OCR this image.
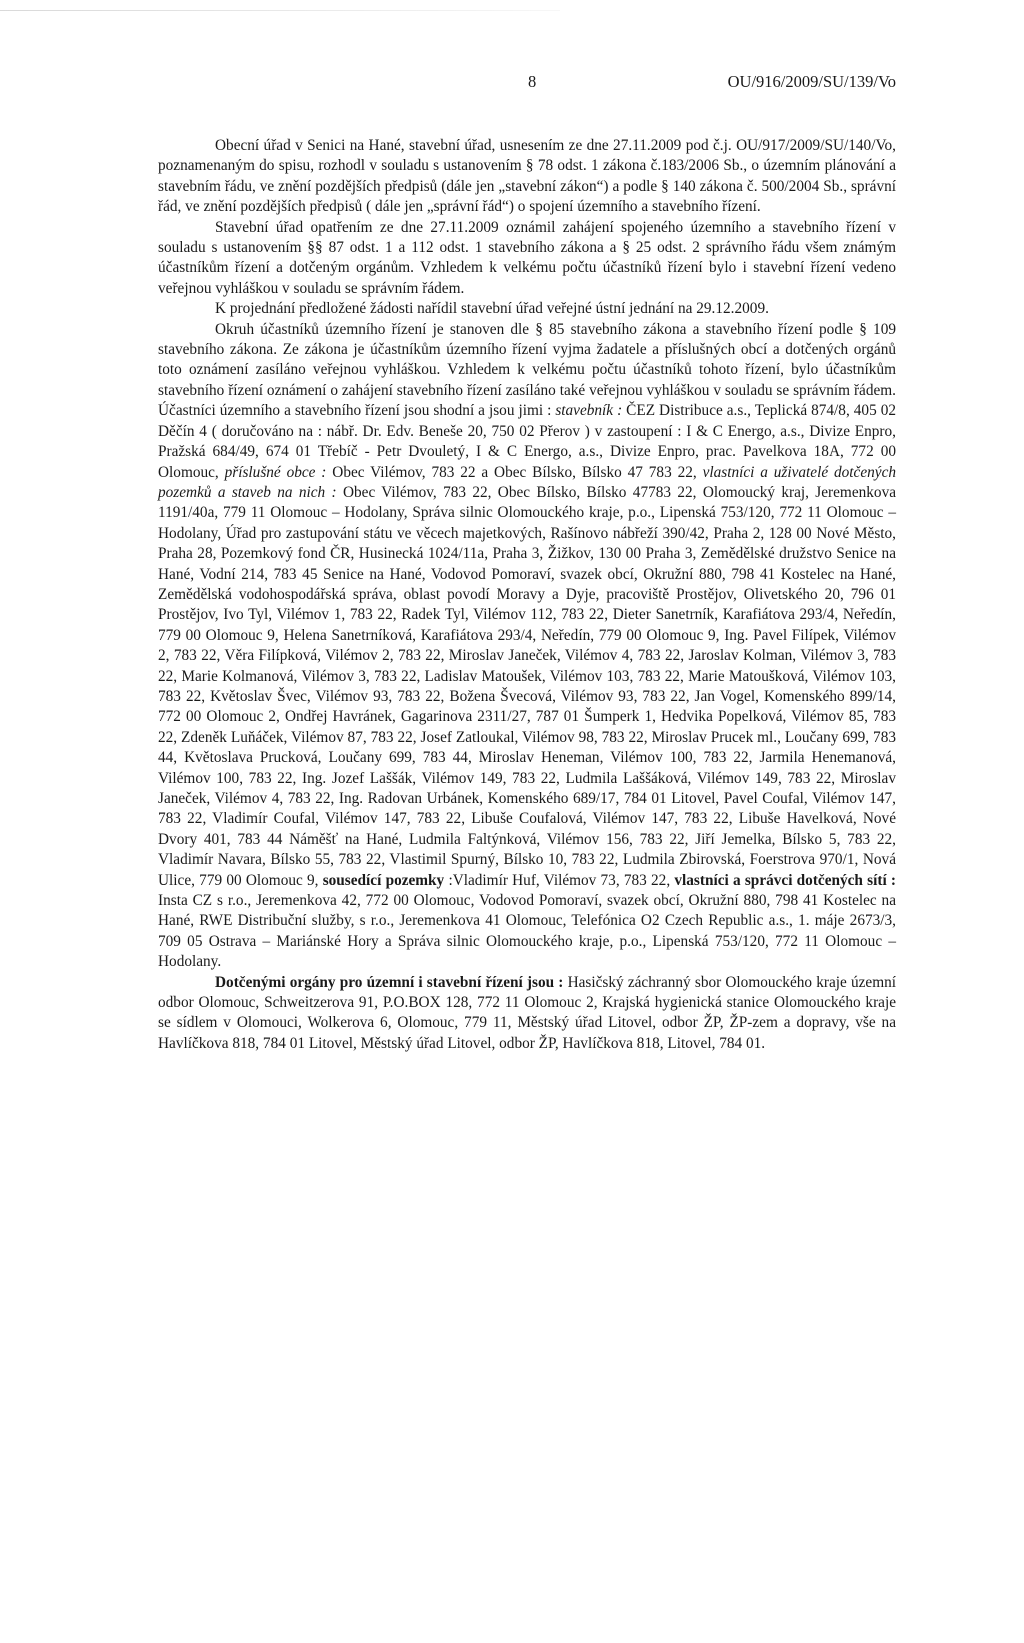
8	OU/916/2009/SU/139/Vo

Obecní úřad v Senici na Hané, stavební úřad, usnesením ze dne 27.11.2009 pod č.j. OU/917/2009/SU/140/Vo, poznamenaným do spisu, rozhodl v souladu s ustanovením § 78 odst. 1 zákona č.183/2006 Sb., o územním plánování a stavebním řádu, ve znění pozdějších předpisů (dále jen „stavební zákon“) a podle § 140 zákona č. 500/2004 Sb., správní řád, ve znění pozdějších předpisů ( dále jen „správní řád“) o spojení územního a stavebního řízení.

Stavební úřad opatřením ze dne 27.11.2009 oznámil zahájení spojeného územního a stavebního řízení v souladu s ustanovením §§ 87 odst. 1 a 112 odst. 1 stavebního zákona a § 25 odst. 2 správního řádu všem známým účastníkům řízení a dotčeným orgánům. Vzhledem k velkému počtu účastníků řízení bylo i stavební řízení vedeno veřejnou vyhláškou v souladu se správním řádem.

K projednání předložené žádosti nařídil stavební úřad veřejné ústní jednání na 29.12.2009.

Okruh účastníků územního řízení je stanoven dle § 85 stavebního zákona a stavebního řízení podle § 109 stavebního zákona. Ze zákona je účastníkům územního řízení vyjma žadatele a příslušných obcí a dotčených orgánů toto oznámení zasíláno veřejnou vyhláškou. Vzhledem k velkému počtu účastníků tohoto řízení, bylo účastníkům stavebního řízení oznámení o zahájení stavebního řízení zasíláno také veřejnou vyhláškou v souladu se správním řádem. Účastníci územního a stavebního řízení jsou shodní a jsou jimi : stavebník : ČEZ Distribuce a.s., Teplická 874/8, 405 02 Děčín 4 ( doručováno na : nábř. Dr. Edv. Beneše 20, 750 02 Přerov ) v zastoupení : I & C Energo, a.s., Divize Enpro, Pražská 684/49, 674 01 Třebíč - Petr Dvouletý, I & C Energo, a.s., Divize Enpro, prac. Pavelkova 18A, 772 00 Olomouc, příslušné obce : Obec Vilémov, 783 22 a Obec Bílsko, Bílsko 47 783 22, vlastníci a uživatelé dotčených pozemků a staveb na nich : Obec Vilémov, 783 22, Obec Bílsko, Bílsko 47783 22, Olomoucký kraj, Jeremenkova 1191/40a, 779 11 Olomouc – Hodolany, Správa silnic Olomouckého kraje, p.o., Lipenská 753/120, 772 11 Olomouc – Hodolany, Úřad pro zastupování státu ve věcech majetkových, Rašínovo nábřeží 390/42, Praha 2, 128 00 Nové Město, Praha 28, Pozemkový fond ČR, Husinecká 1024/11a, Praha 3, Žižkov, 130 00 Praha 3, Zemědělské družstvo Senice na Hané, Vodní 214, 783 45 Senice na Hané, Vodovod Pomoraví, svazek obcí, Okružní 880, 798 41 Kostelec na Hané, Zemědělská vodohospodářská správa, oblast povodí Moravy a Dyje, pracoviště Prostějov, Olivetského 20, 796 01 Prostějov, Ivo Tyl, Vilémov 1, 783 22, Radek Tyl, Vilémov 112, 783 22, Dieter Sanetrník, Karafiátova 293/4, Neředín, 779 00 Olomouc 9, Helena Sanetrníková, Karafiátova 293/4, Neředín, 779 00 Olomouc 9, Ing. Pavel Filípek, Vilémov 2, 783 22, Věra Filípková, Vilémov 2, 783 22, Miroslav Janeček, Vilémov 4, 783 22, Jaroslav Kolman, Vilémov 3, 783 22, Marie Kolmanová, Vilémov 3, 783 22, Ladislav Matoušek, Vilémov 103, 783 22, Marie Matoušková, Vilémov 103, 783 22, Květoslav Švec, Vilémov 93, 783 22, Božena Švecová, Vilémov 93, 783 22, Jan Vogel, Komenského 899/14, 772 00 Olomouc 2, Ondřej Havránek, Gagarinova 2311/27, 787 01 Šumperk 1, Hedvika Popelková, Vilémov 85, 783 22, Zdeněk Luňáček, Vilémov 87, 783 22, Josef Zatloukal, Vilémov 98, 783 22, Miroslav Prucek ml., Loučany 699, 783 44, Květoslava Prucková, Loučany 699, 783 44, Miroslav Heneman, Vilémov 100, 783 22, Jarmila Henemanová, Vilémov 100, 783 22, Ing. Jozef Laššák, Vilémov 149, 783 22, Ludmila Laššáková, Vilémov 149, 783 22, Miroslav Janeček, Vilémov 4, 783 22, Ing. Radovan Urbánek, Komenského 689/17, 784 01 Litovel, Pavel Coufal, Vilémov 147, 783 22, Vladimír Coufal, Vilémov 147, 783 22, Libuše Coufalová, Vilémov 147, 783 22, Libuše Havelková, Nové Dvory 401, 783 44 Náměšť na Hané, Ludmila Faltýnková, Vilémov 156, 783 22, Jiří Jemelka, Bílsko 5, 783 22, Vladimír Navara, Bílsko 55, 783 22, Vlastimil Spurný, Bílsko 10, 783 22, Ludmila Zbirovská, Foerstrova 970/1, Nová Ulice, 779 00 Olomouc 9, sousedící pozemky :Vladimír Huf, Vilémov 73, 783 22, vlastníci a správci dotčených sítí : Insta CZ s r.o., Jeremenkova 42, 772 00 Olomouc, Vodovod Pomoraví, svazek obcí, Okružní 880, 798 41 Kostelec na Hané, RWE Distribuční služby, s r.o., Jeremenkova 41 Olomouc, Telefónica O2 Czech Republic a.s., 1. máje 2673/3, 709 05 Ostrava – Mariánské Hory a Správa silnic Olomouckého kraje, p.o., Lipenská 753/120, 772 11 Olomouc – Hodolany.

Dotčenými orgány pro územní i stavební řízení jsou : Hasičský záchranný sbor Olomouckého kraje územní odbor Olomouc, Schweitzerova 91, P.O.BOX 128, 772 11 Olomouc 2, Krajská hygienická stanice Olomouckého kraje se sídlem v Olomouci, Wolkerova 6, Olomouc, 779 11, Městský úřad Litovel, odbor ŽP, ŽP-zem a dopravy, vše na Havlíčkova 818, 784 01 Litovel, Městský úřad Litovel, odbor ŽP, Havlíčkova 818, Litovel, 784 01.
